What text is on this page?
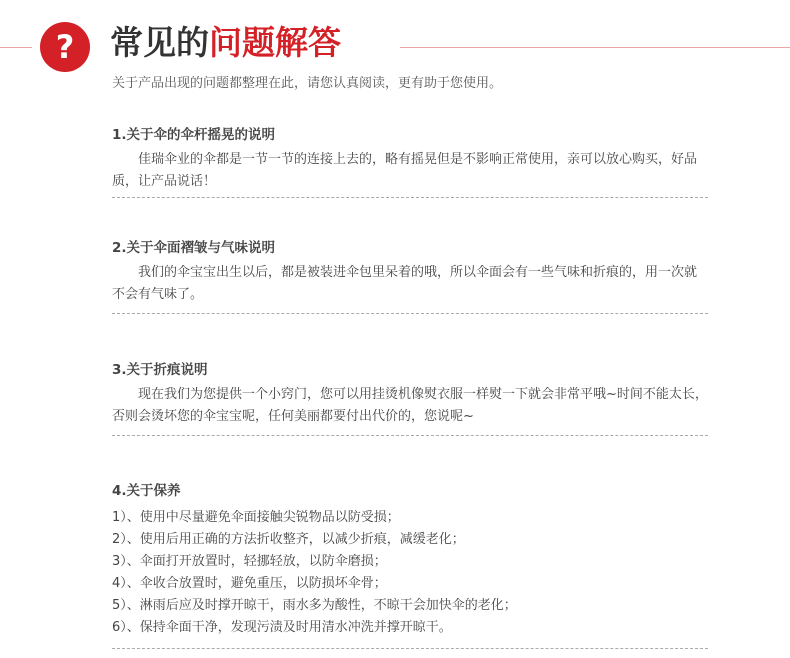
?	常见的问题解答
关于产品出现的问题都整理在此，请您认真阅读，更有助于您使用。
1.关于伞的伞杆摇晃的说明
佳瑞伞业的伞都是一节一节的连接上去的，略有摇晃但是不影响正常使用，亲可以放心购买，好品质，让产品说话！
2.关于伞面褶皱与气味说明
我们的伞宝宝出生以后，都是被装进伞包里呆着的哦，所以伞面会有一些气味和折痕的，用一次就不会有气味了。
3.关于折痕说明
现在我们为您提供一个小窍门，您可以用挂烫机像熨衣服一样熨一下就会非常平哦~时间不能太长，否则会烫坏您的伞宝宝呢，任何美丽都要付出代价的，您说呢~
4.关于保养
1）、使用中尽量避免伞面接触尖锐物品以防受损；
2）、使用后用正确的方法折收整齐，以减少折痕，减缓老化；
3）、伞面打开放置时，轻挪轻放，以防伞磨损；
4）、伞收合放置时，避免重压，以防损坏伞骨；
5）、淋雨后应及时撑开晾干，雨水多为酸性，不晾干会加快伞的老化；
6）、保持伞面干净，发现污渍及时用清水冲洗并撑开晾干。
